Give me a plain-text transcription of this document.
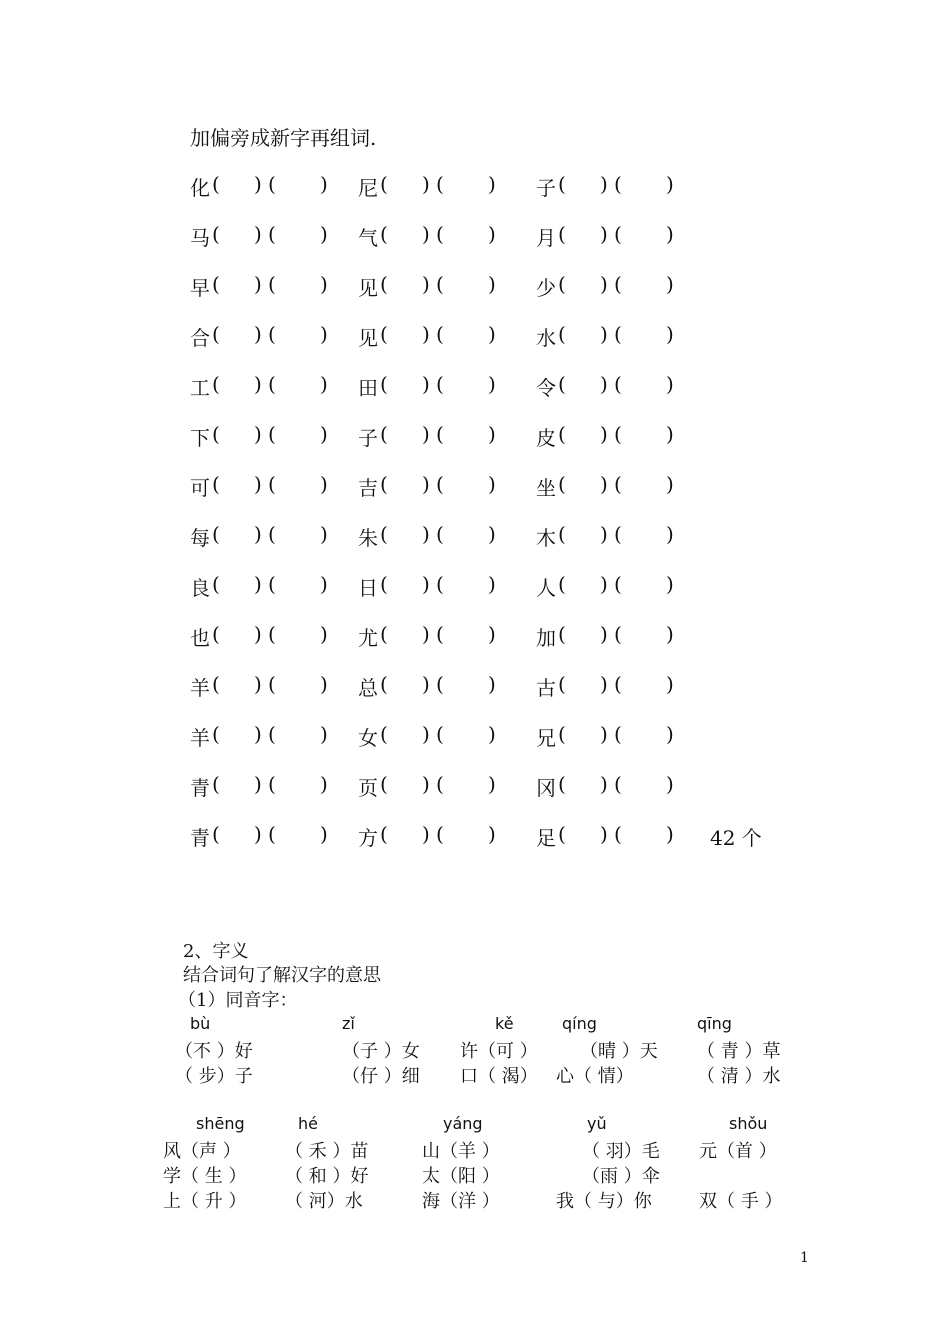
加偏旁成新字再组词.
化 ( ) ( ) 尼 ( ) ( ) 子 ( ) ( )
马 ( ) ( ) 气 ( ) ( ) 月 ( ) ( )
早 ( ) ( ) 见 ( ) ( ) 少 ( ) ( )
合 ( ) ( ) 见 ( ) ( ) 水 ( ) ( )
工 ( ) ( ) 田 ( ) ( ) 令 ( ) ( )
下 ( ) ( ) 子 ( ) ( ) 皮 ( ) ( )
可 ( ) ( ) 吉 ( ) ( ) 坐 ( ) ( )
每 ( ) ( ) 朱 ( ) ( ) 木 ( ) ( )
良 ( ) ( ) 日 ( ) ( ) 人 ( ) ( )
也 ( ) ( ) 尤 ( ) ( ) 加 ( ) ( )
羊 ( ) ( ) 总 ( ) ( ) 古 ( ) ( )
羊 ( ) ( ) 女 ( ) ( ) 兄 ( ) ( )
青 ( ) ( ) 页 ( ) ( ) 冈 ( ) ( )
青 ( ) ( ) 方 ( ) ( ) 足 ( ) ( ) 42 个
2、字义
结合词句了解汉字的意思
（1）同音字：
bù	zǐ	kě	qíng	qīng
（不 ）好	（子 ）女 许（可 ） （晴 ）天 （ 青 ）草
（ 步）子	（仔 ）细 口（ 渴） 心（ 情）	（ 清 ）水
shēng	hé	yáng	yǔ	shǒu
风（声 ） （ 禾 ）苗	山（羊 ）	（ 羽）毛 元（首 ）
学（ 生 ） （ 和 ）好	太（阳 ）	（雨 ）伞
上（ 升 ） （ 河）水	海（洋 ）	我（ 与）你	双（ 手 ）
1
